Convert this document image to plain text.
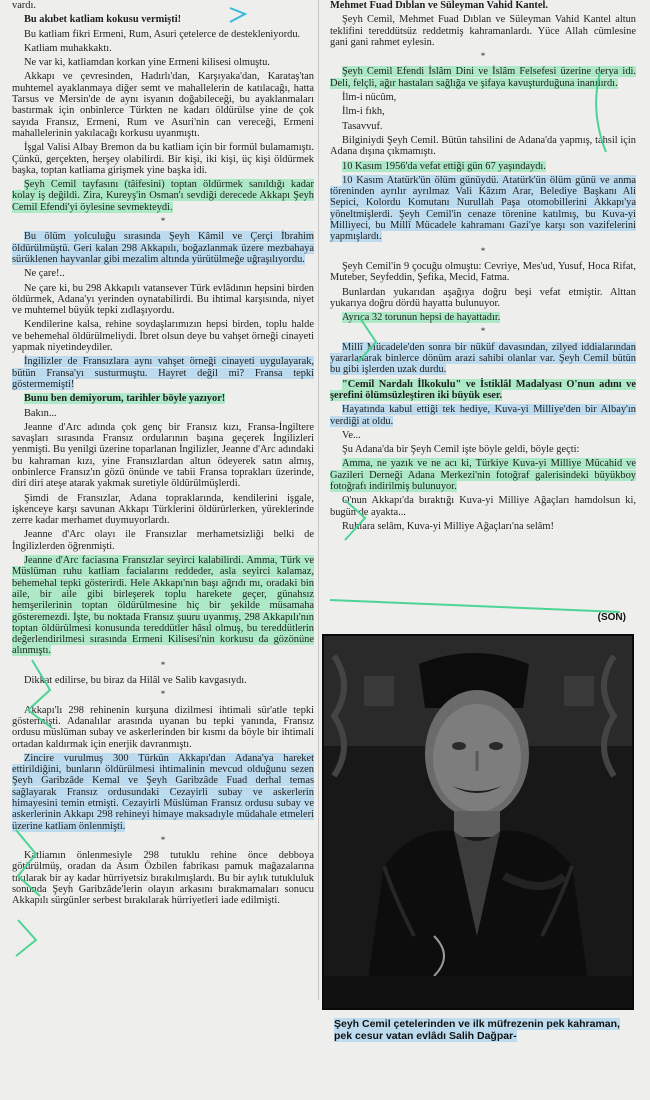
vardı.

Bu akıbet katliam kokusu vermişti!

Bu katliam fikri Ermeni, Rum, Asuri çetelerce de destekleniyordu.

Katliam muhakkaktı.

Ne var ki, katliamdan korkan yine Ermeni kilisesi olmuştu.

Akkapı ve çevresinden, Hadırlı'dan, Karşıyaka'dan, Karataş'tan muhtemel ayaklanmaya diğer semt ve mahallelerin de katılacağı, hatta Tarsus ve Mersin'de de aynı isyanın doğabileceği, bu ayaklanmaları bastırmak için onbinlerce Türkten ne kadarı öldürülse yine de çok sayıda Fransız, Ermeni, Rum ve Asuri'nin can vereceği, Ermeni mahallelerinin yakılacağı korkusu uyanmıştı.

İşgal Valisi Albay Bremon da bu katliam için bir formül bulamamıştı. Çünkü, gerçekten, herşey olabilirdi. Bir kişi, iki kişi, üç kişi öldürmek başka, toptan katliama girişmek yine başka idi.

Şeyh Cemil tayfasını (tâifesini) toptan öldürmek sanıldığı kadar kolay iş değildi. Zira, Kureyş'in Osman'ı sevdiği derecede Akkapı Şeyh Cemil Efendi'yi öylesine sevmekteydi.

*

Bu ölüm yolculuğu sırasında Şeyh Kâmil ve Çerçi İbrahim öldürülmüştü. Geri kalan 298 Akkapılı, boğazlanmak üzere mezbahaya sürüklenen hayvanlar gibi mezalim altında yürütülmeğe uğraşılıyordu.

Ne çare!..

Ne çare ki, bu 298 Akkapılı vatansever Türk evlâdının hepsini birden öldürmek, Adana'yı yerinden oynatabilirdi. Bu ihtimal karşısında, niyet ve muhtemel büyük tepki zıdlaşıyordu.

Kendilerine kalsa, rehine soydaşlarımızın hepsi birden, toplu halde ve behemehal öldürülmeliydi. İbret olsun deye bu vahşet örneği cinayeti yapmak niyetindeydiler.

İngilizler de Fransızlara aynı vahşet örneği cinayeti uygulayarak, bütün Fransa'yı susturmuştu. Hayret değil mi? Fransa tepki göstermemişti!

Bunu ben demiyorum, tarihler böyle yazıyor!

Bakın...

Jeanne d'Arc adında çok genç bir Fransız kızı, Fransa-İngiltere savaşları sırasında Fransız ordularının başına geçerek İngilizleri yenmişti. Bu yenilgi üzerine toparlanan İngilizler, Jeanne d'Arc adındaki bu kahraman kızı, yine Fransızlardan altun ödeyerek satın almış, onbinlerce Fransız'ın gözü önünde ve tabii Fransa toprakları üzerinde, diri diri ateşe atarak yakmak suretiyle öldürülmüşlerdi.

Şimdi de Fransızlar, Adana topraklarında, kendilerini işgale, işkenceye karşı savunan Akkapı Türklerini öldürürlerken, yüreklerinde zerre kadar merhamet duymuyorlardı.

Jeanne d'Arc olayı ile Fransızlar merhametsizliği belki de İngilizlerden öğrenmişti.

Jeanne d'Arc faciasına Fransızlar seyirci kalabilirdi. Amma, Türk ve Müslüman ruhu katliam facialarını reddeder, asla seyirci kalamaz, behemehal tepki gösterirdi. Hele Akkapı'nın başı ağrıdı mı, oradaki bin aile, bir aile gibi birleşerek toplu harekete geçer, günahsız hemşerilerinin toptan öldürülmesine hiç bir şekilde müsamaha gösteremezdi. İşte, bu noktada Fransız şuuru uyanmış, 298 Akkapılı'nın toptan öldürülmesi konusunda tereddütler hâsıl olmuş, bu tereddütlerin değerlendirilmesi sırasında Ermeni Kilisesi'nin korkusu da gözönüne alınmıştı.

*

Dikkat edilirse, bu biraz da Hilâl ve Salib kavgasıydı.

*

Akkapı'lı 298 rehinenin kurşuna dizilmesi ihtimali sür'atle tepki göstermişti. Adanalılar arasında uyanan bu tepki yanında, Fransız ordusu müslüman subay ve askerlerinden bir kısmı da böyle bir ihtimali ortadan kaldırmak için enerjik davranmıştı.

Zincire vurulmuş 300 Türkün Akkapı'dan Adana'ya hareket ettirildiğini, bunların öldürülmesi ihtimalinin mevcud olduğunu sezen Şeyh Garibzâde Kemal ve Şeyh Garibzâde Fuad derhal temas sağlayarak Fransız ordusundaki Cezayirli subay ve askerlerin himayesini temin etmişti. Cezayirli Müslüman Fransız ordusu subay ve askerlerinin Akkapı 298 rehineyi himaye maksadıyle müdahale etmeleri üzerine katliam önlenmişti.

*

Katliamın önlenmesiyle 298 tutuklu rehine önce debboya götürülmüş, oradan da Asım Özbilen fabrikası pamuk mağazalarına tıkılarak bir ay kadar hürriyetsiz bırakılmışlardı. Bu bir aylık tutukluluk sonunda Şeyh Garibzâde'lerin olayın arkasını bırakmamaları sonucu Akkapılı sürgünler serbest bırakılarak hürriyetleri iade edilmişti.

Mehmet Fuad Dıblan ve Süleyman Vahid Kantel.

Şeyh Cemil, Mehmet Fuad Dıblan ve Süleyman Vahid Kantel altun teklifini tereddütsüz reddetmiş kahramanlardı. Yüce Allah cümlesine gani gani rahmet eylesin.

*

Şeyh Cemil Efendi İslâm Dini ve İslâm Felsefesi üzerine derya idi. Deli, felçli, ağır hastaları sağlığa ve şifaya kavuşturduğuna inanılırdı.

İlm-i nücûm,

İlm-i fıkh,

Tasavvuf.

Bilginiydi Şeyh Cemil. Bütün tahsilini de Adana'da yapmış, tahsil için Adana dışına çıkmamıştı.

10 Kasım 1956'da vefat ettiği gün 67 yaşındaydı.

10 Kasım Atatürk'ün ölüm günüydü. Atatürk'ün ölüm günü ve anma töreninden ayrılır ayrılmaz Vali Kâzım Arar, Belediye Başkanı Ali Sepici, Kolordu Komutanı Nurullah Paşa otomobillerini Akkapı'ya yöneltmişlerdi. Şeyh Cemil'in cenaze törenine katılmış, bu Kuva-yi Milliyeci, bu Millî Mücadele kahramanı Gazi'ye karşı son vazifelerini yapmışlardı.

*

Şeyh Cemil'in 9 çocuğu olmuştu: Cevriye, Mes'ud, Yusuf, Hoca Rifat, Muteber, Seyfeddin, Şefika, Mecid, Fatma.

Bunlardan yukarıdan aşağıya doğru beşi vefat etmiştir. Alttan yukarıya doğru dördü hayatta bulunuyor.

Ayrıca 32 torunun hepsi de hayattadır.

*

Millî Mücadele'den sonra bir nüküf davasından, zilyed iddialarından yararlanarak binlerce dönüm arazi sahibi olanlar var. Şeyh Cemil bütün bu gibi işlerden uzak durdu.

"Cemil Nardalı İlkokulu" ve İstiklâl Madalyası O'nun adını ve şerefini ölümsüzleştiren iki büyük eser.

Hayatında kabul ettiği tek hediye, Kuva-yi Milliye'den bir Albay'ın verdiği at oldu.

Ve...

Şu Adana'da bir Şeyh Cemil işte böyle geldi, böyle geçti:

Amma, ne yazık ve ne acı ki, Türkiye Kuva-yi Milliye Mücahid ve Gazileri Derneği Adana Merkezi'nin fotoğraf galerisindeki büyükboy fotoğrafı indirilmiş bulunuyor.

O'nun Akkapı'da bıraktığı Kuva-yi Milliye Ağaçları hamdolsun ki, bugün de ayakta...

Ruhlara selâm, Kuva-yi Milliye Ağaçları'na selâm!

(SON)
Şeyh Cemil çetelerinden ve ilk müfrezenin pek kahraman, pek cesur vatan evlâdı Salih Dağpar-
